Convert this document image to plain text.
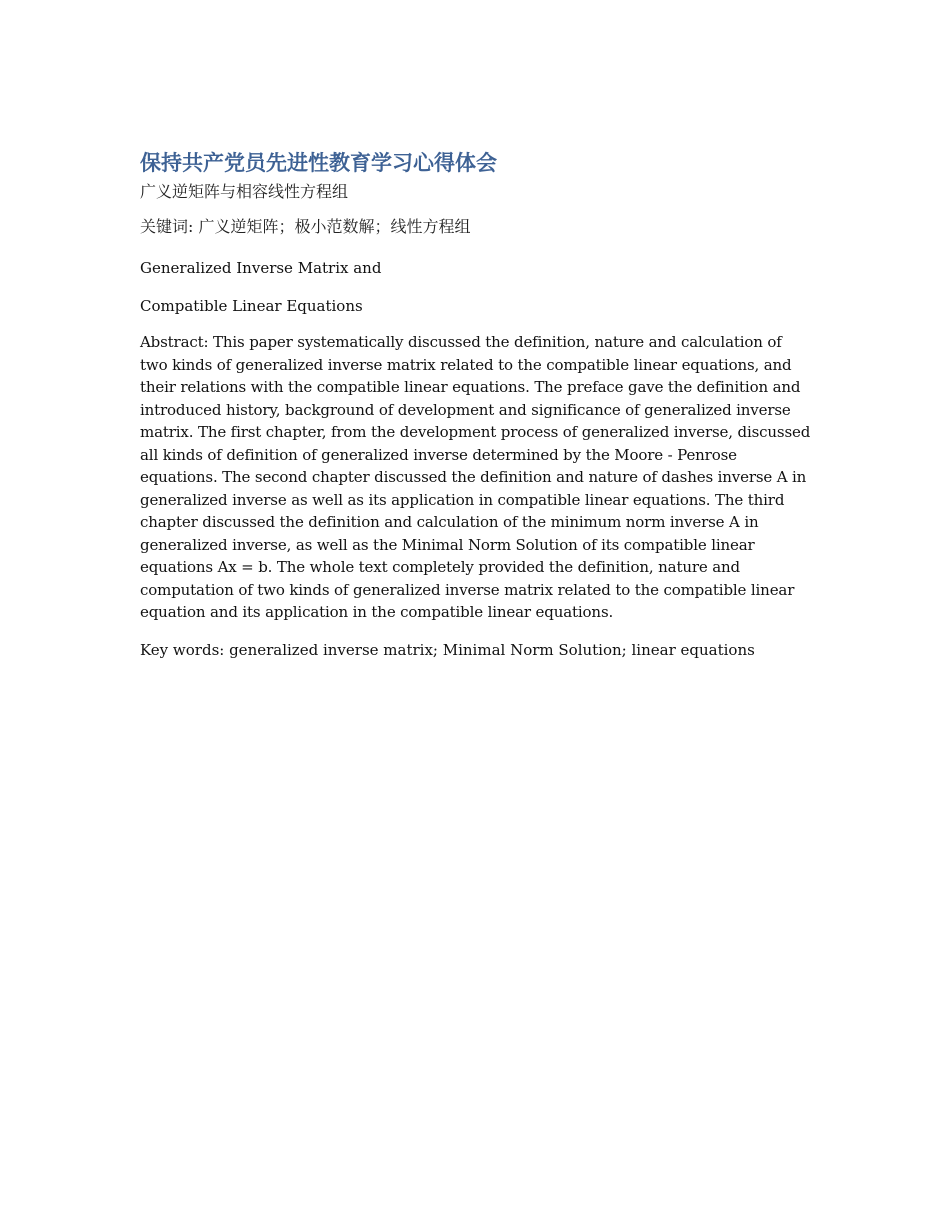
保持共产党员先进性教育学习心得体会

广义逆矩阵与相容线性方程组

关键词: 广义逆矩阵；极小范数解；线性方程组

Generalized Inverse Matrix and

Compatible Linear Equations

Abstract: This paper systematically discussed the definition, nature and calculation of two kinds of generalized inverse matrix related to the compatible linear equations, and their relations with the compatible linear equations. The preface gave the definition and introduced history, background of development and significance of generalized inverse matrix. The first chapter, from the development process of generalized inverse, discussed all kinds of definition of generalized inverse determined by the Moore - Penrose equations. The second chapter discussed the definition and nature of dashes inverse A in generalized inverse as well as its application in compatible linear equations. The third chapter discussed the definition and calculation of the minimum norm inverse A in generalized inverse, as well as the Minimal Norm Solution of its compatible linear equations Ax = b. The whole text completely provided the definition, nature and computation of two kinds of generalized inverse matrix related to the compatible linear equation and its application in the compatible linear equations.

Key words: generalized inverse matrix; Minimal Norm Solution; linear equations
